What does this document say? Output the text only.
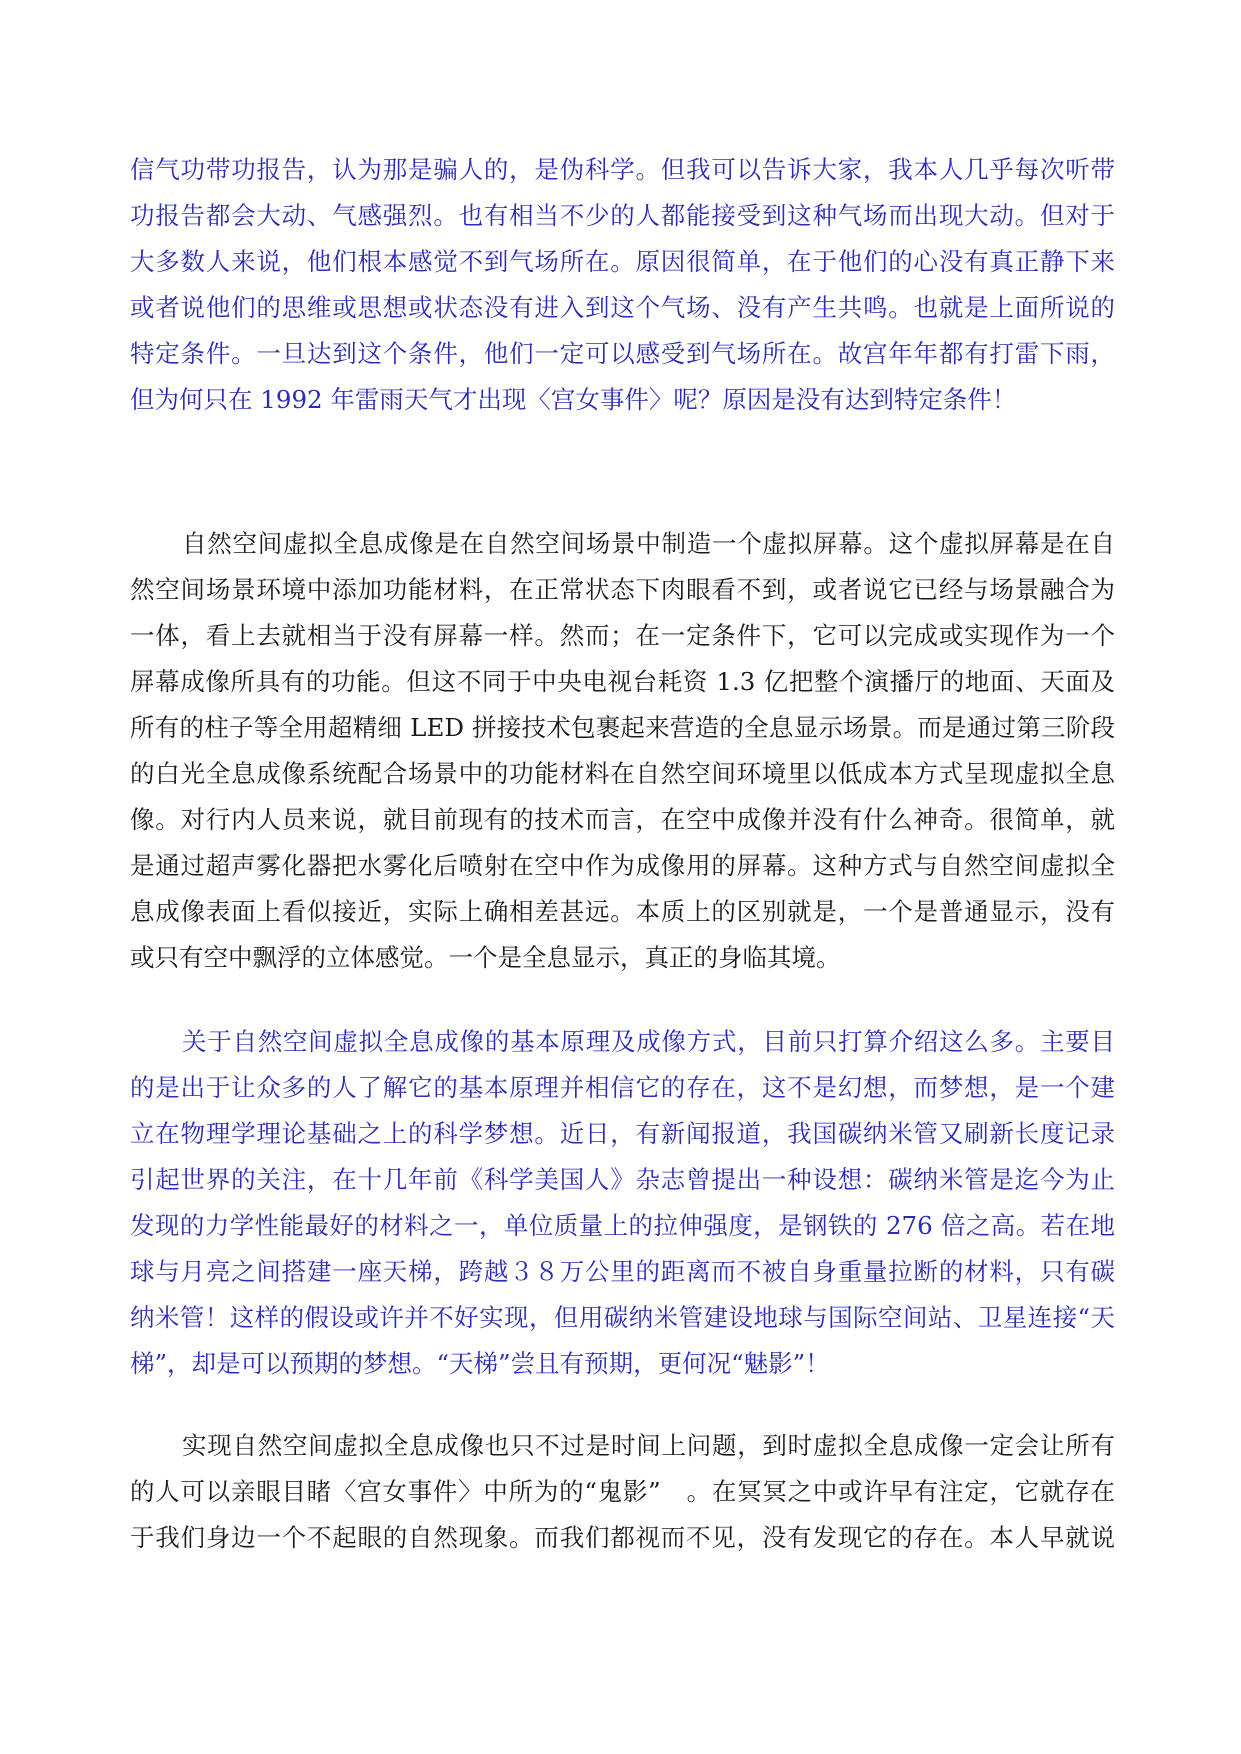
信气功带功报告，认为那是骗人的，是伪科学。但我可以告诉大家，我本人几乎每次听带

功报告都会大动、气感强烈。也有相当不少的人都能接受到这种气场而出现大动。但对于

大多数人来说，他们根本感觉不到气场所在。原因很简单，在于他们的心没有真正静下来

或者说他们的思维或思想或状态没有进入到这个气场、没有产生共鸣。也就是上面所说的

特定条件。一旦达到这个条件，他们一定可以感受到气场所在。故宫年年都有打雷下雨，

但为何只在 1992 年雷雨天气才出现〈宫女事件〉呢？原因是没有达到特定条件！

自然空间虚拟全息成像是在自然空间场景中制造一个虚拟屏幕。这个虚拟屏幕是在自

然空间场景环境中添加功能材料，在正常状态下肉眼看不到，或者说它已经与场景融合为

一体，看上去就相当于没有屏幕一样。然而；在一定条件下，它可以完成或实现作为一个

屏幕成像所具有的功能。但这不同于中央电视台耗资 1.3 亿把整个演播厅的地面、天面及

所有的柱子等全用超精细 LED 拼接技术包裹起来营造的全息显示场景。而是通过第三阶段

的白光全息成像系统配合场景中的功能材料在自然空间环境里以低成本方式呈现虚拟全息

像。对行内人员来说，就目前现有的技术而言，在空中成像并没有什么神奇。很简单，就

是通过超声雾化器把水雾化后喷射在空中作为成像用的屏幕。这种方式与自然空间虚拟全

息成像表面上看似接近，实际上确相差甚远。本质上的区别就是，一个是普通显示，没有

或只有空中飘浮的立体感觉。一个是全息显示，真正的身临其境。

关于自然空间虚拟全息成像的基本原理及成像方式，目前只打算介绍这么多。主要目

的是出于让众多的人了解它的基本原理并相信它的存在，这不是幻想，而梦想，是一个建

立在物理学理论基础之上的科学梦想。近日，有新闻报道，我国碳纳米管又刷新长度记录

引起世界的关注，在十几年前《科学美国人》杂志曾提出一种设想：碳纳米管是迄今为止

发现的力学性能最好的材料之一，单位质量上的拉伸强度，是钢铁的 276 倍之高。若在地

球与月亮之间搭建一座天梯，跨越３８万公里的距离而不被自身重量拉断的材料，只有碳

纳米管！这样的假设或许并不好实现，但用碳纳米管建设地球与国际空间站、卫星连接“天

梯”，却是可以预期的梦想。“天梯”尝且有预期，更何况“魅影”！

实现自然空间虚拟全息成像也只不过是时间上问题，到时虚拟全息成像一定会让所有

的人可以亲眼目睹〈宫女事件〉中所为的“鬼影”　。在冥冥之中或许早有注定，它就存在

于我们身边一个不起眼的自然现象。而我们都视而不见，没有发现它的存在。本人早就说
